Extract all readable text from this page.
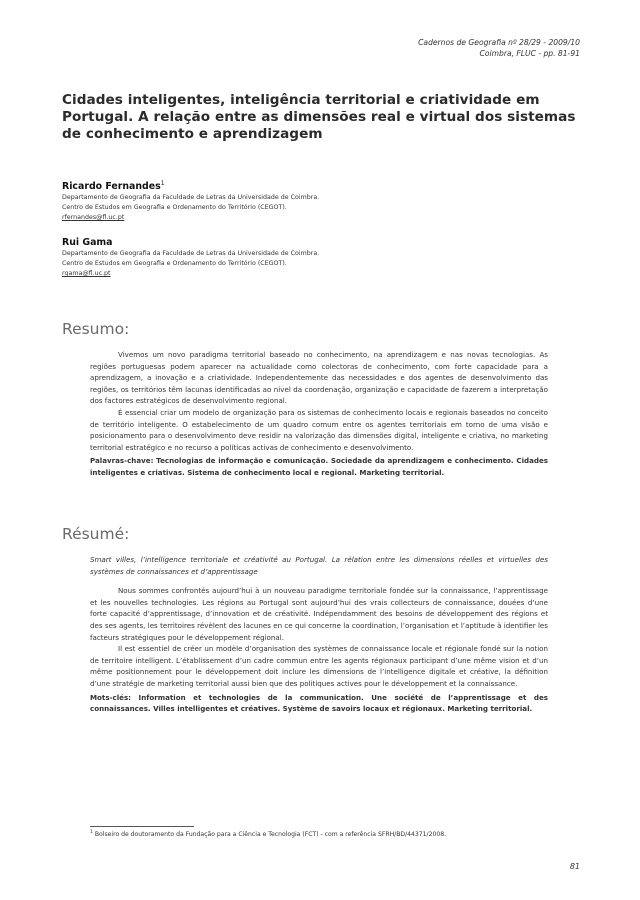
Cadernos de Geografia nº 28/29 - 2009/10
Coimbra, FLUC - pp. 81-91
Cidades inteligentes, inteligência territorial e criatividade em Portugal. A relação entre as dimensões real e virtual dos sistemas de conhecimento e aprendizagem
Ricardo Fernandes$^1$
Departamento de Geografia da Faculdade de Letras da Universidade de Coimbra.
Centro de Estudos em Geografia e Ordenamento do Território (CEGOT).
rfernandes@fl.uc.pt
Rui Gama
Departamento de Geografia da Faculdade de Letras da Universidade de Coimbra.
Centro de Estudos em Geografia e Ordenamento do Território (CEGOT).
rgama@fl.uc.pt
Resumo:

Vivemos um novo paradigma territorial baseado no conhecimento, na aprendizagem e nas novas tecnologias. As regiões portuguesas podem aparecer na actualidade como colectoras de conhecimento, com forte capacidade para a aprendizagem, a inovação e a criatividade. Independentemente das necessidades e dos agentes de desenvolvimento das regiões, os territórios têm lacunas identificadas ao nível da coordenação, organização e capacidade de fazerem a interpretação dos factores estratégicos de desenvolvimento regional.

É essencial criar um modelo de organização para os sistemas de conhecimento locais e regionais baseados no conceito de território inteligente. O estabelecimento de um quadro comum entre os agentes territoriais em torno de uma visão e posicionamento para o desenvolvimento deve residir na valorização das dimensões digital, inteligente e criativa, no marketing territorial estratégico e no recurso a políticas activas de conhecimento e desenvolvimento.

Palavras-chave: Tecnologias de informação e comunicação. Sociedade da aprendizagem e conhecimento. Cidades inteligentes e criativas. Sistema de conhecimento local e regional. Marketing territorial.

Résumé:

Smart villes, l’intelligence territoriale et créativité au Portugal. La rélation entre les dimensions réelles et virtuelles des systèmes de connaissances et d’apprentissage

Nous sommes confrontés aujourd’hui à un nouveau paradigme territoriale fondée sur la connaissance, l’apprentissage et les nouvelles technologies. Les régions au Portugal sont aujourd’hui des vrais collecteurs de connaissance, douées d’une forte capacité d’apprentissage, d’innovation et de créativité. Indépendamment des besoins de développement des régions et des ses agents, les territoires révèlent des lacunes en ce qui concerne la coordination, l’organisation et l’aptitude à identifier les facteurs stratégiques pour le développement régional.

Il est essentiel de créer un modèle d’organisation des systèmes de connaissance locale et régionale fondé sur la notion de territoire intelligent. L’établissement d’un cadre commun entre les agents régionaux participant d’une même vision et d’un même positionnement pour le développement doit inclure les dimensions de l’intelligence digitale et créative, la définition d’une stratégie de marketing territorial aussi bien que des politiques actives pour le développement et la connaissance.

Mots-clés: Information et technologies de la communication. Une société de l’apprentissage et des connaissances. Villes intelligentes et créatives. Système de savoirs locaux et régionaux. Marketing territorial.

$^1$ Bolseiro de doutoramento da Fundação para a Ciência e Tecnologia (FCT) - com a referência SFRH/BD/44371/2008.
81
